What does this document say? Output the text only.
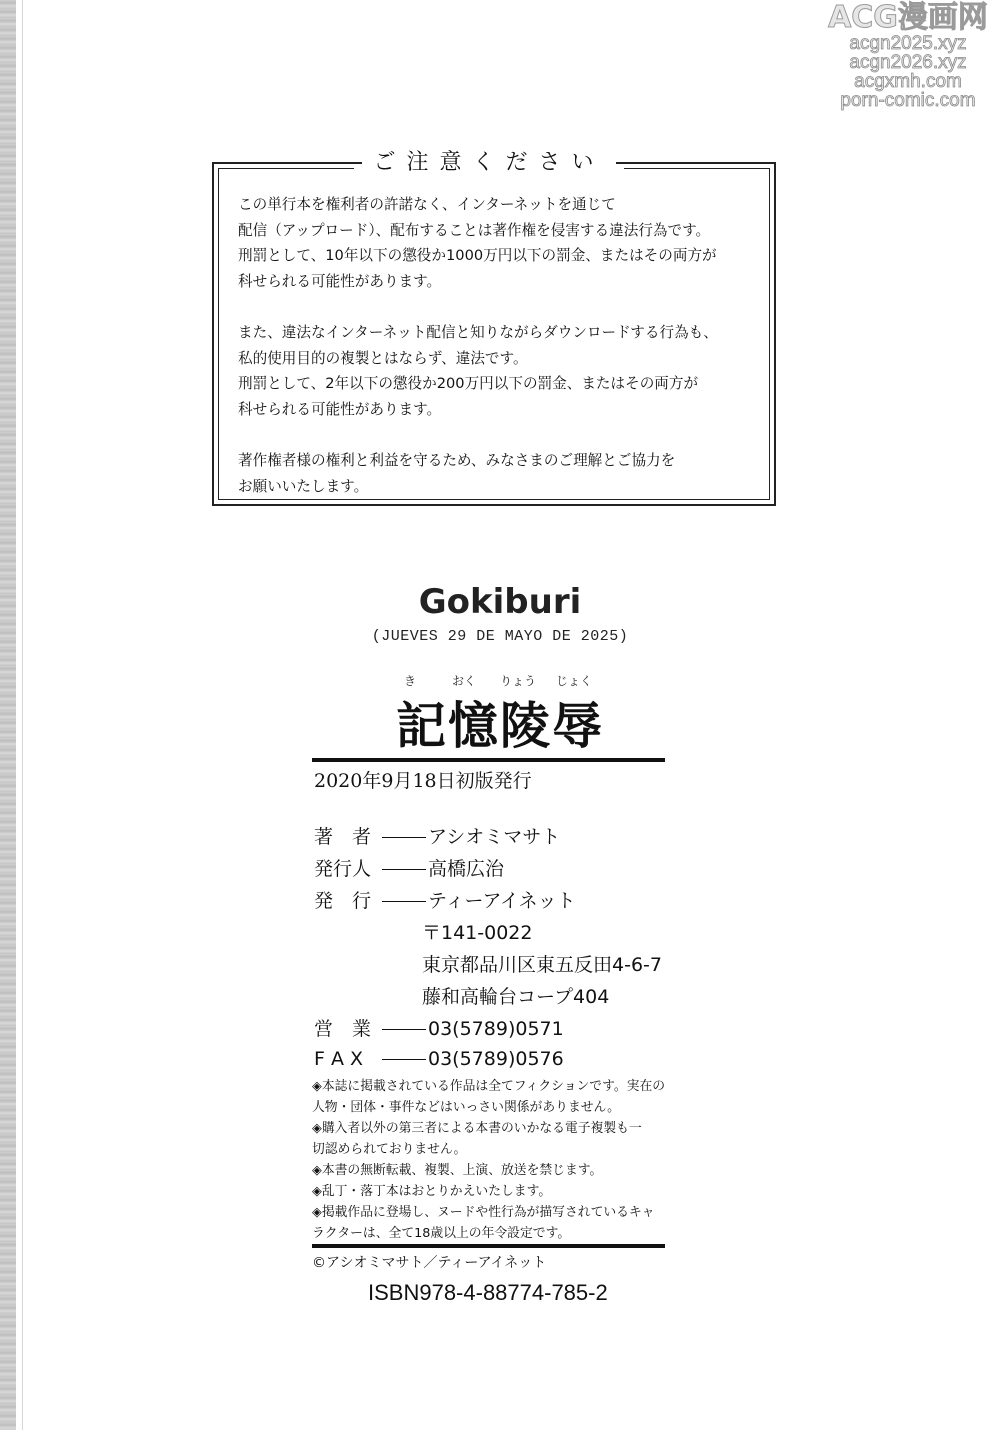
ACG漫画网
acgn2025.xyz
acgn2026.xyz
acgxmh.com
porn-comic.com
ご注意ください

この単行本を権利者の許諾なく、インターネットを通じて
配信（アップロード）、配布することは著作権を侵害する違法行為です。
刑罰として、10年以下の懲役か1000万円以下の罰金、またはその両方が
科せられる可能性があります。

また、違法なインターネット配信と知りながらダウンロードする行為も、
私的使用目的の複製とはならず、違法です。
刑罰として、2年以下の懲役か200万円以下の罰金、またはその両方が
科せられる可能性があります。

著作権者様の権利と利益を守るため、みなさまのご理解とご協力を
お願いいたします。

Gokiburi
(JUEVES 29 DE MAYO DE 2025)
き	おく りょう じょく
記憶陵辱
2020年9月18日初版発行
著　者	アシオミマサト
発行人	高橋広治
発　行	ティーアイネット
〒141-0022
東京都品川区東五反田4-6-7
藤和高輪台コープ404
営　業	03(5789)0571
F A X	03(5789)0576
◈本誌に掲載されている作品は全てフィクションです。実在の
人物・団体・事件などはいっさい関係がありません。
◈購入者以外の第三者による本書のいかなる電子複製も一
切認められておりません。
◈本書の無断転載、複製、上演、放送を禁じます。
◈乱丁・落丁本はおとりかえいたします。
◈掲載作品に登場し、ヌードや性行為が描写されているキャ
ラクターは、全て18歳以上の年令設定です。
©アシオミマサト／ティーアイネット
ISBN978-4-88774-785-2
